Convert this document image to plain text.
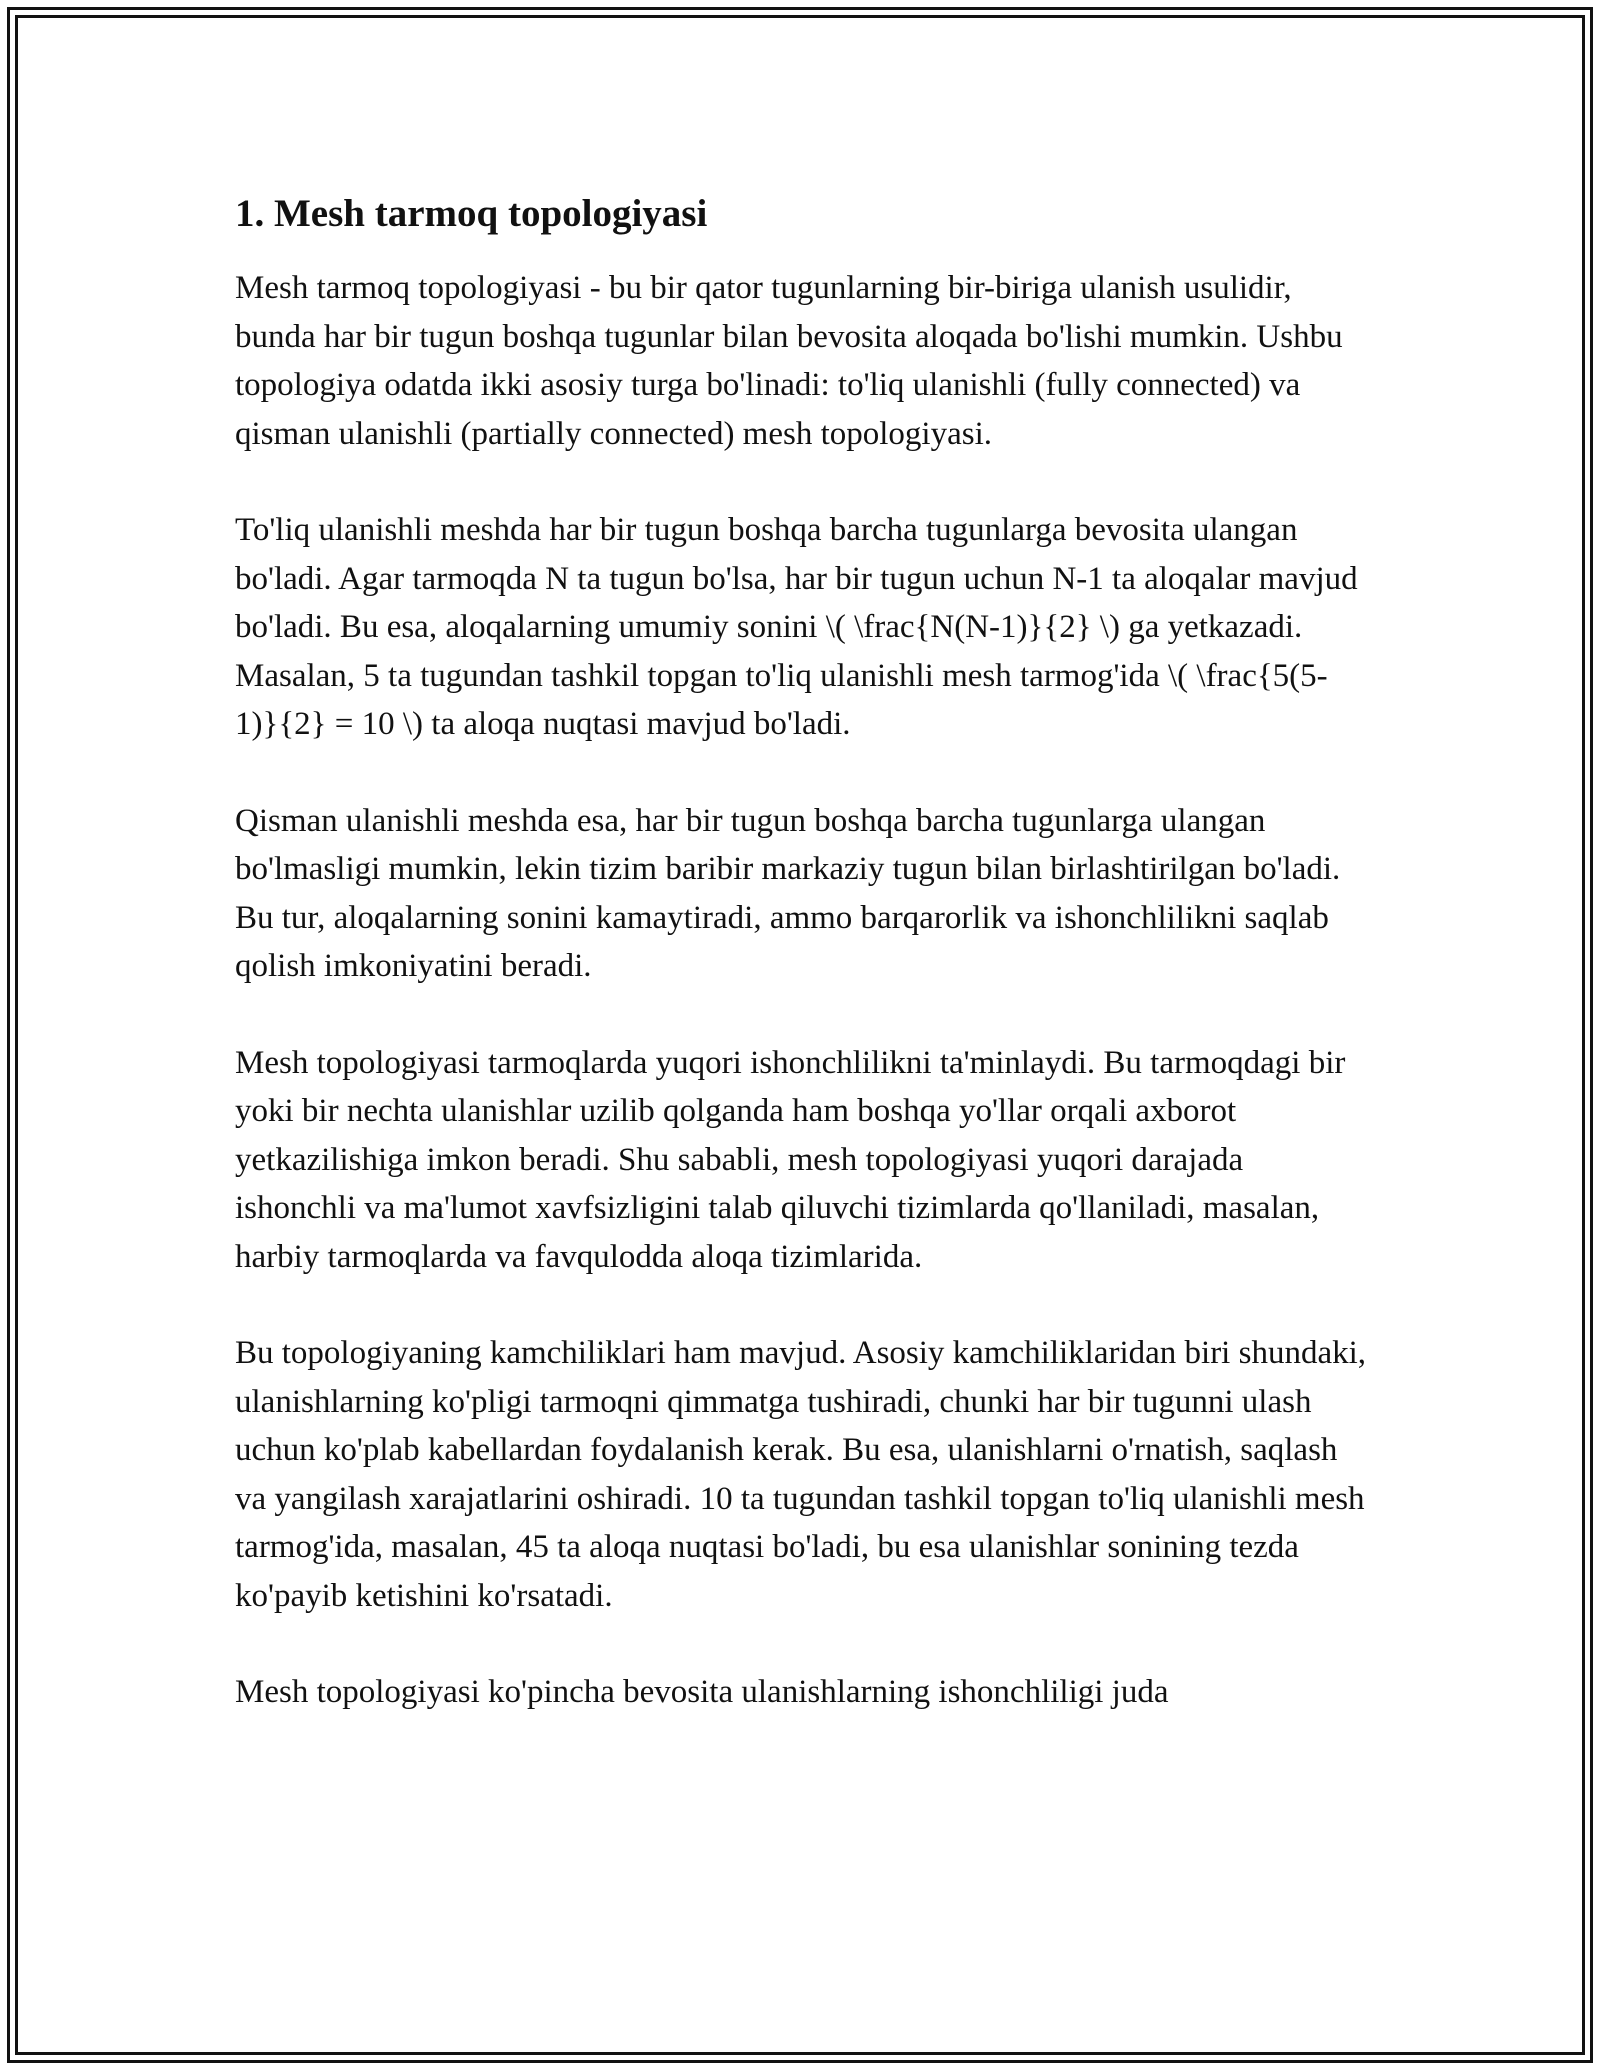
1. Mesh tarmoq topologiyasi

Mesh tarmoq topologiyasi - bu bir qator tugunlarning bir-biriga ulanish usulidir, bunda har bir tugun boshqa tugunlar bilan bevosita aloqada bo'lishi mumkin. Ushbu topologiya odatda ikki asosiy turga bo'linadi: to'liq ulanishli (fully connected) va qisman ulanishli (partially connected) mesh topologiyasi.

To'liq ulanishli meshda har bir tugun boshqa barcha tugunlarga bevosita ulangan bo'ladi. Agar tarmoqda N ta tugun bo'lsa, har bir tugun uchun N-1 ta aloqalar mavjud bo'ladi. Bu esa, aloqalarning umumiy sonini \( \frac{N(N-1)}{2} \) ga yetkazadi. Masalan, 5 ta tugundan tashkil topgan to'liq ulanishli mesh tarmog'ida \( \frac{5(5-1)}{2} = 10 \) ta aloqa nuqtasi mavjud bo'ladi.

Qisman ulanishli meshda esa, har bir tugun boshqa barcha tugunlarga ulangan bo'lmasligi mumkin, lekin tizim baribir markaziy tugun bilan birlashtirilgan bo'ladi. Bu tur, aloqalarning sonini kamaytiradi, ammo barqarorlik va ishonchlilikni saqlab qolish imkoniyatini beradi.

Mesh topologiyasi tarmoqlarda yuqori ishonchlilikni ta'minlaydi. Bu tarmoqdagi bir yoki bir nechta ulanishlar uzilib qolganda ham boshqa yo'llar orqali axborot yetkazilishiga imkon beradi. Shu sababli, mesh topologiyasi yuqori darajada ishonchli va ma'lumot xavfsizligini talab qiluvchi tizimlarda qo'llaniladi, masalan, harbiy tarmoqlarda va favqulodda aloqa tizimlarida.

Bu topologiyaning kamchiliklari ham mavjud. Asosiy kamchiliklaridan biri shundaki, ulanishlarning ko'pligi tarmoqni qimmatga tushiradi, chunki har bir tugunni ulash uchun ko'plab kabellardan foydalanish kerak. Bu esa, ulanishlarni o'rnatish, saqlash va yangilash xarajatlarini oshiradi. 10 ta tugundan tashkil topgan to'liq ulanishli mesh tarmog'ida, masalan, 45 ta aloqa nuqtasi bo'ladi, bu esa ulanishlar sonining tezda ko'payib ketishini ko'rsatadi.

Mesh topologiyasi ko'pincha bevosita ulanishlarning ishonchliligi juda
